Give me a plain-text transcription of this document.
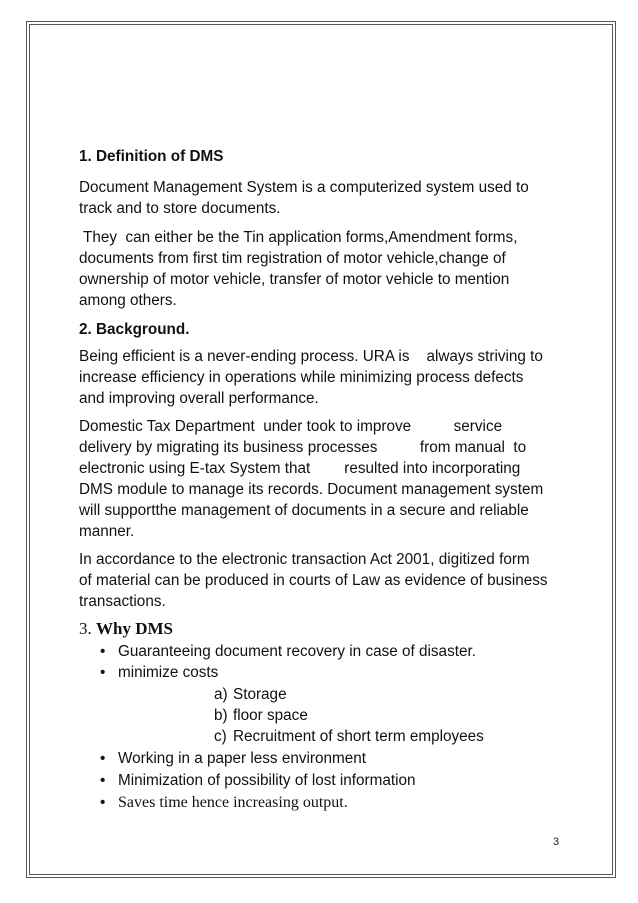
1. Definition of DMS
Document Management System is a computerized system used to
track and to store documents.
They  can either be the Tin application forms,Amendment forms,
documents from first tim registration of motor vehicle,change of
ownership of motor vehicle, transfer of motor vehicle to mention
among others.
2. Background.
Being efficient is a never-ending process. URA is    always striving to
increase efficiency in operations while minimizing process defects
and improving overall performance.
Domestic Tax Department  under took to improve          service
delivery by migrating its business processes          from manual  to
electronic using E-tax System that        resulted into incorporating
DMS module to manage its records. Document management system
will supportthe management of documents in a secure and reliable
manner.
In accordance to the electronic transaction Act 2001, digitized form
of material can be produced in courts of Law as evidence of business
transactions.
3. Why DMS
• Guaranteeing document recovery in case of disaster.
• minimize costs
a) Storage
b) floor space
c) Recruitment of short term employees
• Working in a paper less environment
• Minimization of possibility of lost information
• Saves time hence increasing output.
3
